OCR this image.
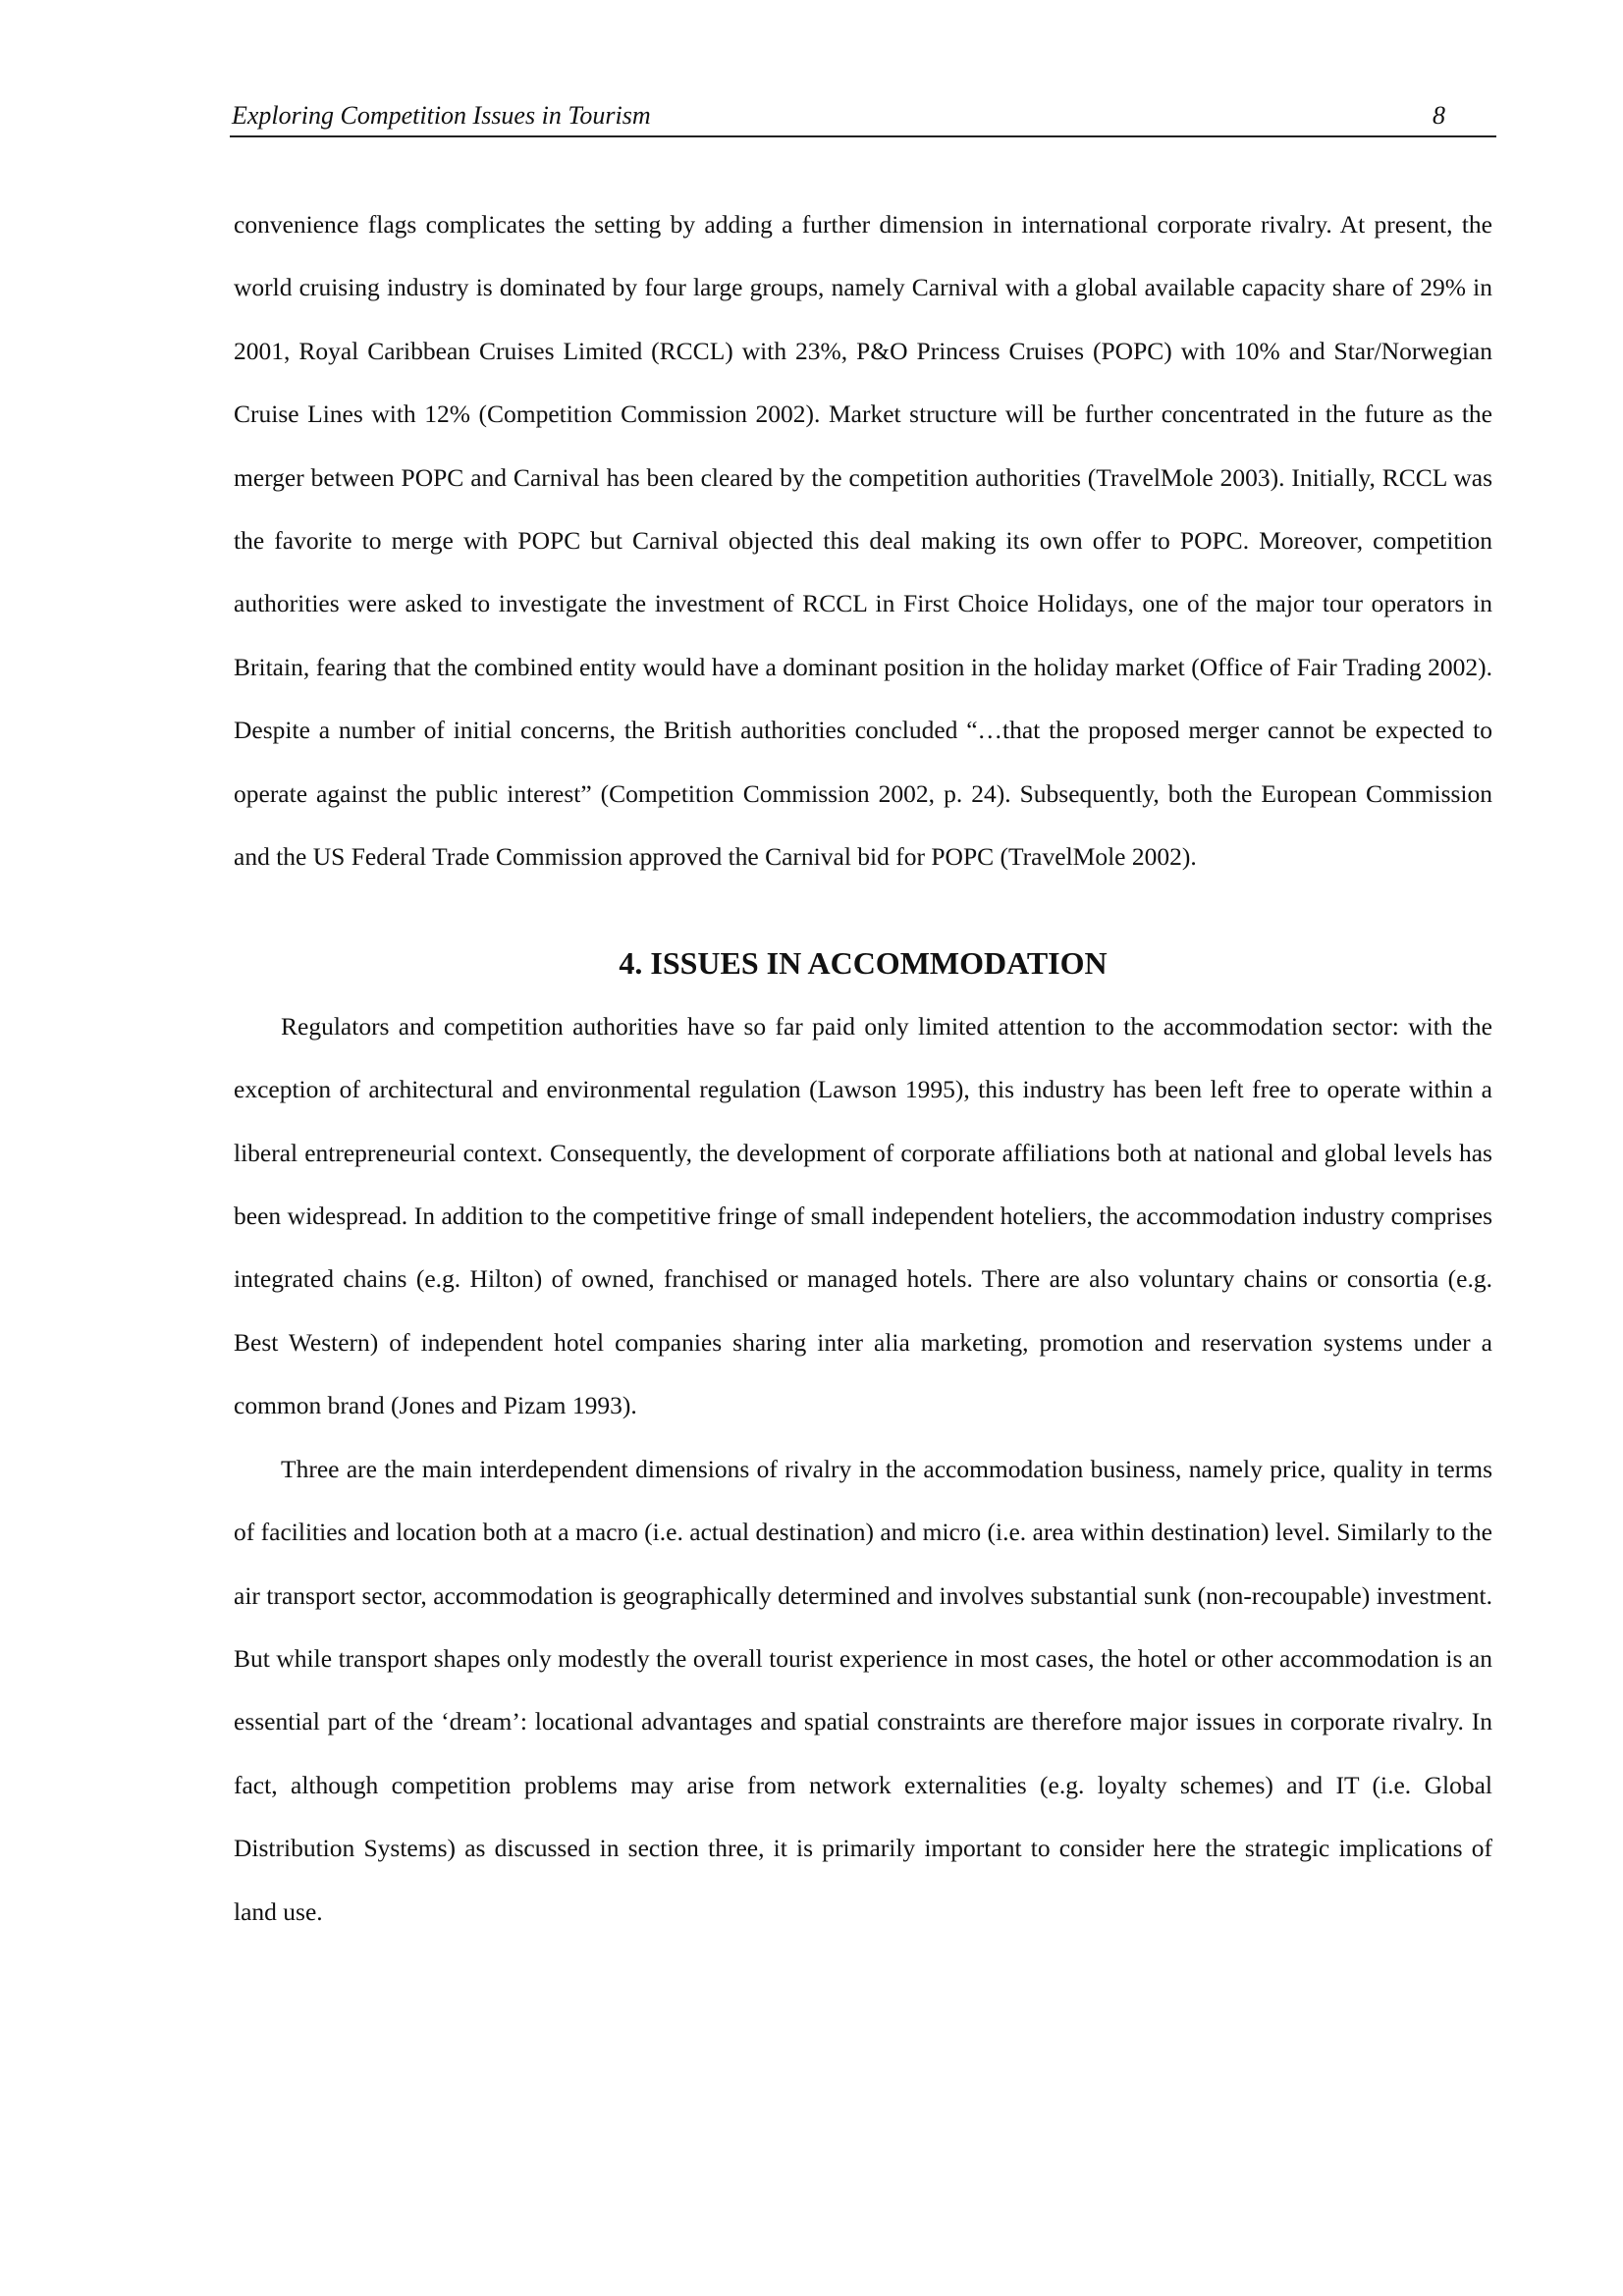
Exploring Competition Issues in Tourism	8

convenience flags complicates the setting by adding a further dimension in international corporate rivalry. At present, the world cruising industry is dominated by four large groups, namely Carnival with a global available capacity share of 29% in 2001, Royal Caribbean Cruises Limited (RCCL) with 23%, P&O Princess Cruises (POPC) with 10% and Star/Norwegian Cruise Lines with 12% (Competition Commission 2002). Market structure will be further concentrated in the future as the merger between POPC and Carnival has been cleared by the competition authorities (TravelMole 2003). Initially, RCCL was the favorite to merge with POPC but Carnival objected this deal making its own offer to POPC. Moreover, competition authorities were asked to investigate the investment of RCCL in First Choice Holidays, one of the major tour operators in Britain, fearing that the combined entity would have a dominant position in the holiday market (Office of Fair Trading 2002). Despite a number of initial concerns, the British authorities concluded “…that the proposed merger cannot be expected to operate against the public interest” (Competition Commission 2002, p. 24). Subsequently, both the European Commission and the US Federal Trade Commission approved the Carnival bid for POPC (TravelMole 2002).

4. ISSUES IN ACCOMMODATION

Regulators and competition authorities have so far paid only limited attention to the accommodation sector: with the exception of architectural and environmental regulation (Lawson 1995), this industry has been left free to operate within a liberal entrepreneurial context. Consequently, the development of corporate affiliations both at national and global levels has been widespread. In addition to the competitive fringe of small independent hoteliers, the accommodation industry comprises integrated chains (e.g. Hilton) of owned, franchised or managed hotels. There are also voluntary chains or consortia (e.g. Best Western) of independent hotel companies sharing inter alia marketing, promotion and reservation systems under a common brand (Jones and Pizam 1993).

Three are the main interdependent dimensions of rivalry in the accommodation business, namely price, quality in terms of facilities and location both at a macro (i.e. actual destination) and micro (i.e. area within destination) level. Similarly to the air transport sector, accommodation is geographically determined and involves substantial sunk (non-recoupable) investment. But while transport shapes only modestly the overall tourist experience in most cases, the hotel or other accommodation is an essential part of the ‘dream’: locational advantages and spatial constraints are therefore major issues in corporate rivalry. In fact, although competition problems may arise from network externalities (e.g. loyalty schemes) and IT (i.e. Global Distribution Systems) as discussed in section three, it is primarily important to consider here the strategic implications of land use.
